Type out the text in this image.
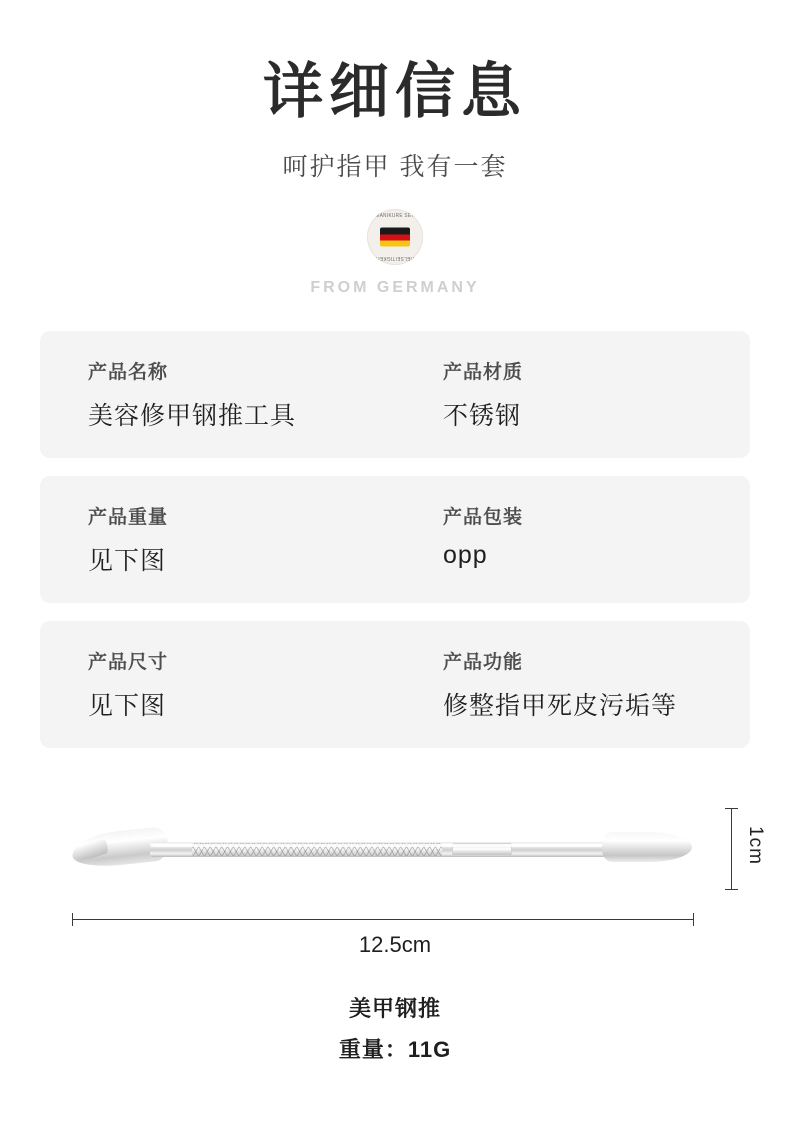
详细信息
呵护指甲 我有一套
MANIKURE SET
VIELSEITIGKEIT
FROM GERMANY
产品名称
美容修甲钢推工具
产品材质
不锈钢
产品重量
见下图
产品包装
opp
产品尺寸
见下图
产品功能
修整指甲死皮污垢等
1cm
12.5cm
美甲钢推
重量：11G
